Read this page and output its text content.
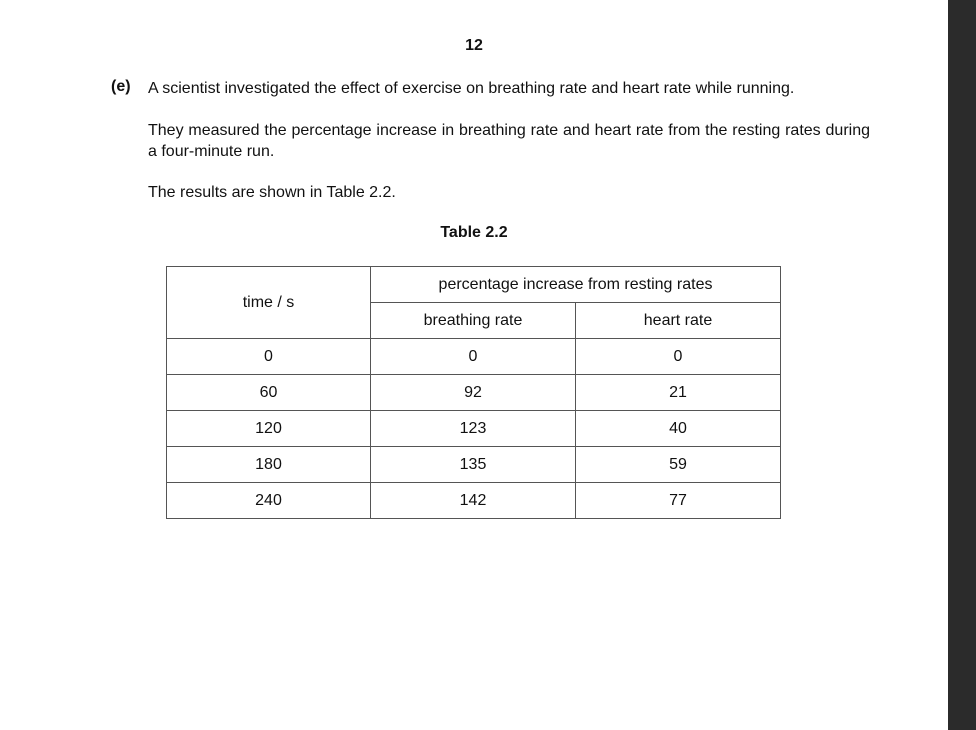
12
(e) A scientist investigated the effect of exercise on breathing rate and heart rate while running.
They measured the percentage increase in breathing rate and heart rate from the resting rates during a four-minute run.
The results are shown in Table 2.2.
Table 2.2
time / s	percentage increase from resting rates	
	breathing rate	heart rate
0	0	0
60	92	21
120	123	40
180	135	59
240	142	77
